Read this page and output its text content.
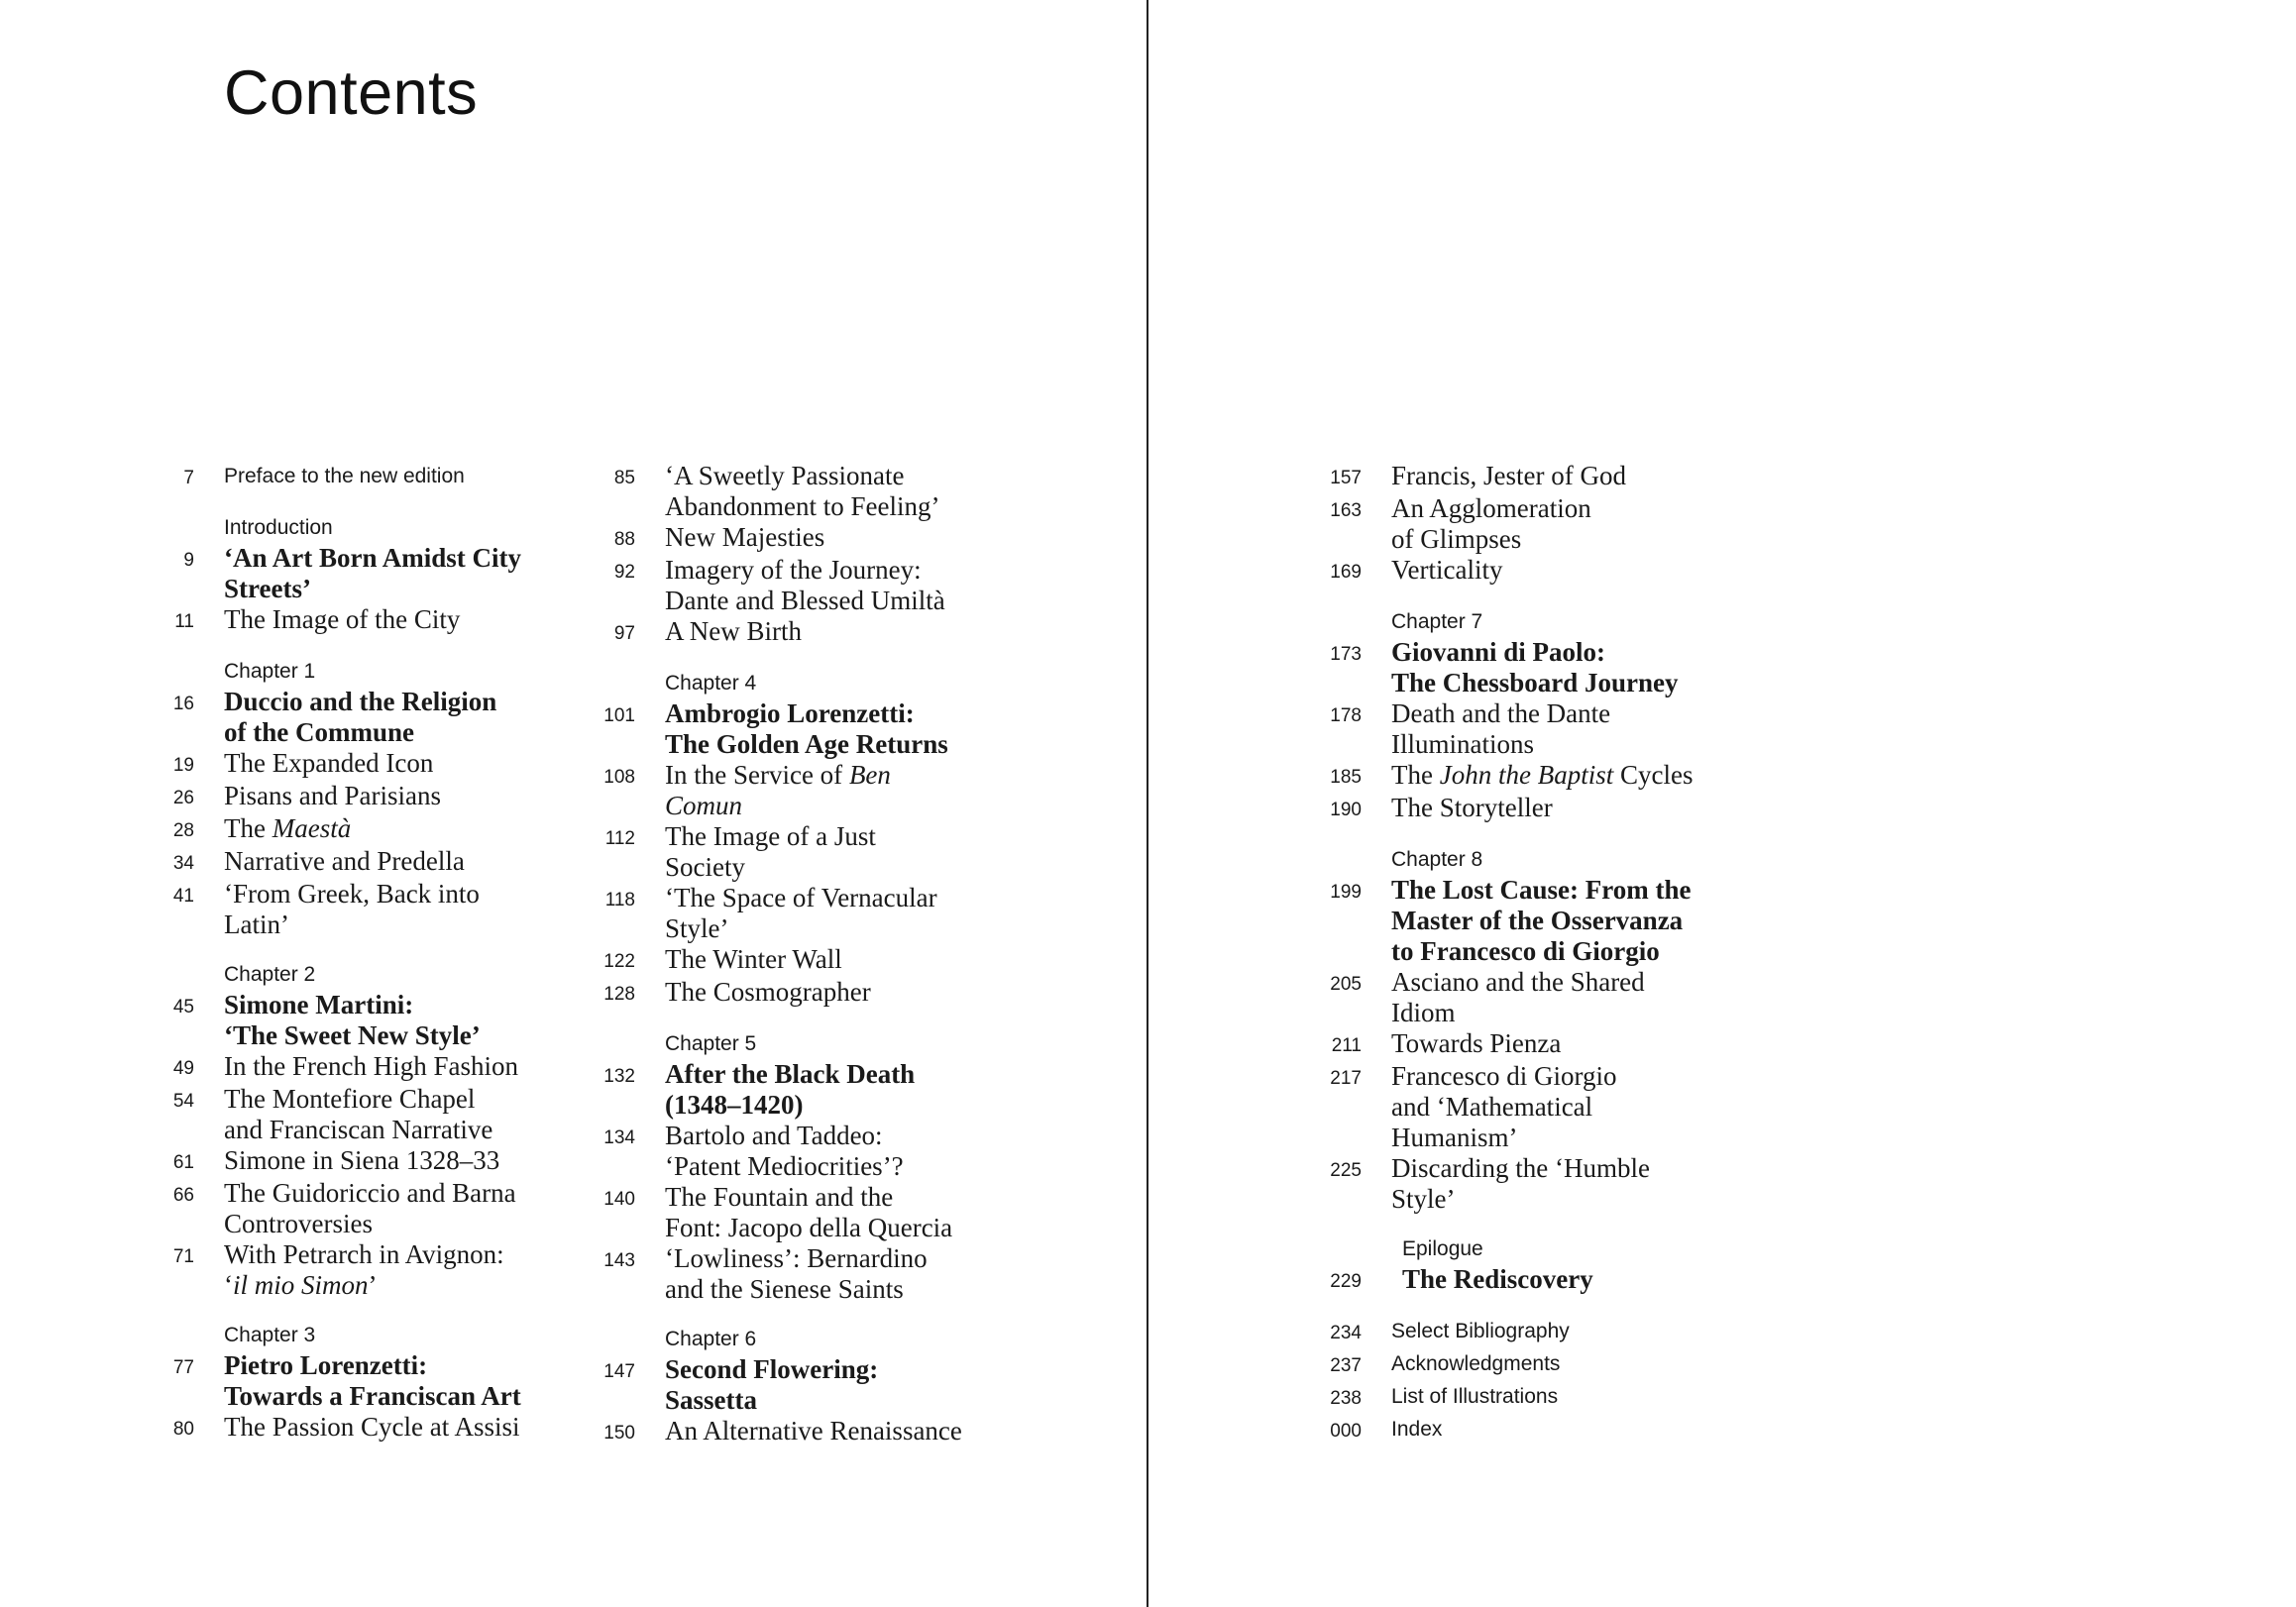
Contents
7 Preface to the new edition
Introduction
9 ‘An Art Born Amidst City
Streets’
11 The Image of the City
Chapter 1
16 Duccio and the Religion
of the Commune
19 The Expanded Icon
26 Pisans and Parisians
28 The Maestà
34 Narrative and Predella
41 ‘From Greek, Back into
Latin’
Chapter 2
45 Simone Martini:
‘The Sweet New Style’
49 In the French High Fashion
54 The Montefiore Chapel
and Franciscan Narrative
61 Simone in Siena 1328–33
66 The Guidoriccio and Barna
Controversies
71 With Petrarch in Avignon:
‘il mio Simon’
Chapter 3
77 Pietro Lorenzetti:
Towards a Franciscan Art
80 The Passion Cycle at Assisi
85 ‘A Sweetly Passionate
Abandonment to Feeling’
88 New Majesties
92 Imagery of the Journey:
Dante and Blessed Umiltà
97 A New Birth
Chapter 4
101 Ambrogio Lorenzetti:
The Golden Age Returns
108 In the Service of Ben
Comun
112 The Image of a Just
Society
118 ‘The Space of Vernacular
Style’
122 The Winter Wall
128 The Cosmographer
Chapter 5
132 After the Black Death
(1348–1420)
134 Bartolo and Taddeo:
‘Patent Mediocrities’?
140 The Fountain and the
Font: Jacopo della Quercia
143 ‘Lowliness’: Bernardino
and the Sienese Saints
Chapter 6
147 Second Flowering:
Sassetta
150 An Alternative Renaissance
157 Francis, Jester of God
163 An Agglomeration
of Glimpses
169 Verticality
Chapter 7
173 Giovanni di Paolo:
The Chessboard Journey
178 Death and the Dante
Illuminations
185 The John the Baptist Cycles
190 The Storyteller
Chapter 8
199 The Lost Cause: From the
Master of the Osservanza
to Francesco di Giorgio
205 Asciano and the Shared
Idiom
211 Towards Pienza
217 Francesco di Giorgio
and ‘Mathematical
Humanism’
225 Discarding the ‘Humble
Style’
Epilogue
229 The Rediscovery
234 Select Bibliography
237 Acknowledgments
238 List of Illustrations
000 Index
